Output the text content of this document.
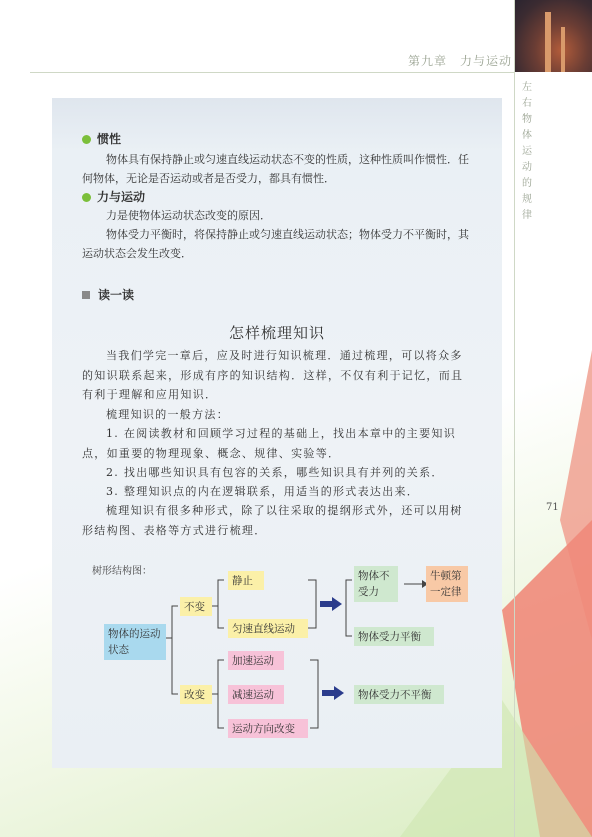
第九章　力与运动
左
右
物
体
运
动
的
规
律
71
惯性
物体具有保持静止或匀速直线运动状态不变的性质，这种性质叫作惯性．任何物体，无论是否运动或者是否受力，都具有惯性．
力与运动
力是使物体运动状态改变的原因．
物体受力平衡时，将保持静止或匀速直线运动状态；物体受力不平衡时，其运动状态会发生改变．
读一读
怎样梳理知识
当我们学完一章后，应及时进行知识梳理．通过梳理，可以将众多的知识联系起来，形成有序的知识结构．这样，不仅有利于记忆，而且有利于理解和应用知识．
梳理知识的一般方法：
1. 在阅读教材和回顾学习过程的基础上，找出本章中的主要知识点，如重要的物理现象、概念、规律、实验等．
2. 找出哪些知识具有包容的关系，哪些知识具有并列的关系．
3. 整理知识点的内在逻辑联系，用适当的形式表达出来．
梳理知识有很多种形式，除了以往采取的提纲形式外，还可以用树形结构图、表格等方式进行梳理．
树形结构图：
物体的运动状态
不变
改变
静止
匀速直线运动
加速运动
减速运动
运动方向改变
物体不受力
牛顿第一定律
物体受力平衡
物体受力不平衡
